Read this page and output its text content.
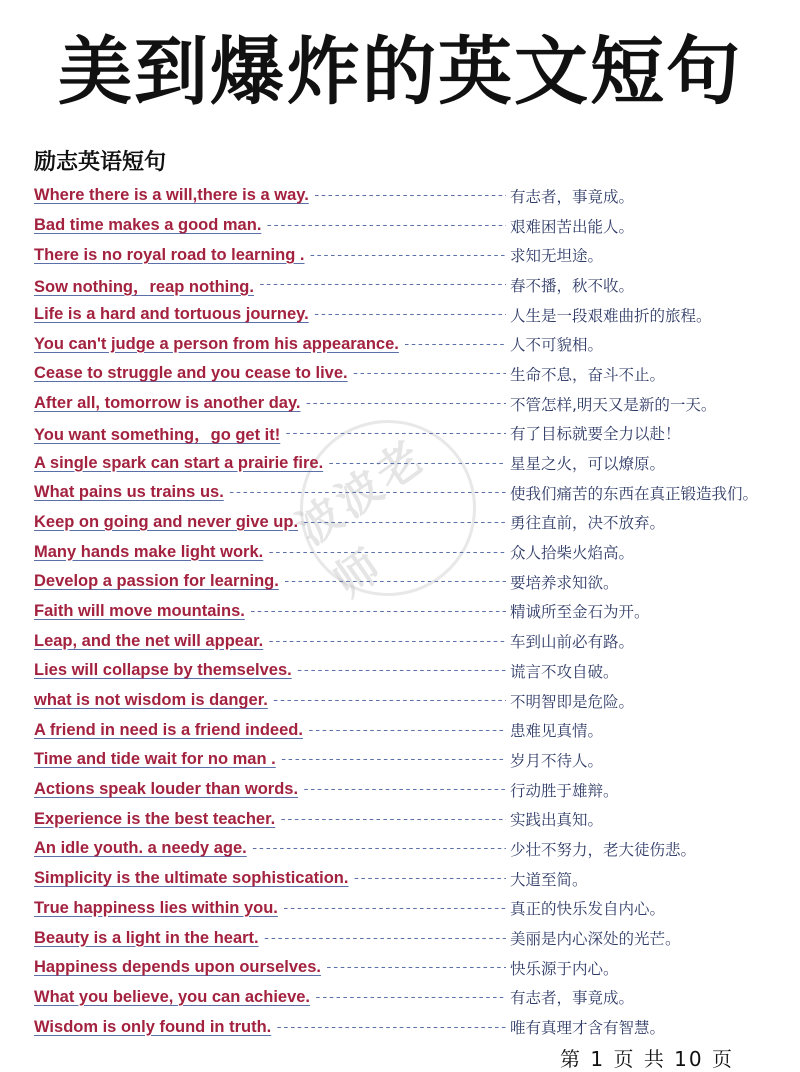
美到爆炸的英文短句
励志英语短句
波波老师
Where there is a will,there is a way. -----	有志者，事竟成。
Bad time makes a good man. -----	艰难困苦出能人。
There is no royal road to learning . -----	求知无坦途。
Sow nothing，reap nothing. -----	春不播，秋不收。
Life is a hard and tortuous journey. -----	人生是一段艰难曲折的旅程。
You can't judge a person from his appearance. -----	人不可貌相。
Cease to struggle and you cease to live. -----	生命不息，奋斗不止。
After all, tomorrow is another day. -----	不管怎样,明天又是新的一天。
You want something，go get it! -----	有了目标就要全力以赴！
A single spark can start a prairie fire. -----	星星之火，可以燎原。
What pains us trains us. -----	使我们痛苦的东西在真正锻造我们。
Keep on going and never give up. -----	勇往直前，决不放弃。
Many hands make light work. -----	众人拾柴火焰高。
Develop a passion for learning. -----	要培养求知欲。
Faith will move mountains. -----	精诚所至金石为开。
Leap, and the net will appear. -----	车到山前必有路。
Lies will collapse by themselves. -----	谎言不攻自破。
what is not wisdom is danger. -----	不明智即是危险。
A friend in need is a friend indeed. -----	患难见真情。
Time and tide wait for no man . -----	岁月不待人。
Actions speak louder than words. -----	行动胜于雄辩。
Experience is the best teacher. -----	实践出真知。
An idle youth. a needy age. -----	少壮不努力，老大徒伤悲。
Simplicity is the ultimate sophistication. -----	大道至简。
True happiness lies within you. -----	真正的快乐发自内心。
Beauty is a light in the heart. -----	美丽是内心深处的光芒。
Happiness depends upon ourselves. -----	快乐源于内心。
What you believe, you can achieve. -----	有志者，事竟成。
Wisdom is only found in truth. -----	唯有真理才含有智慧。
第 1 页 共 10 页
